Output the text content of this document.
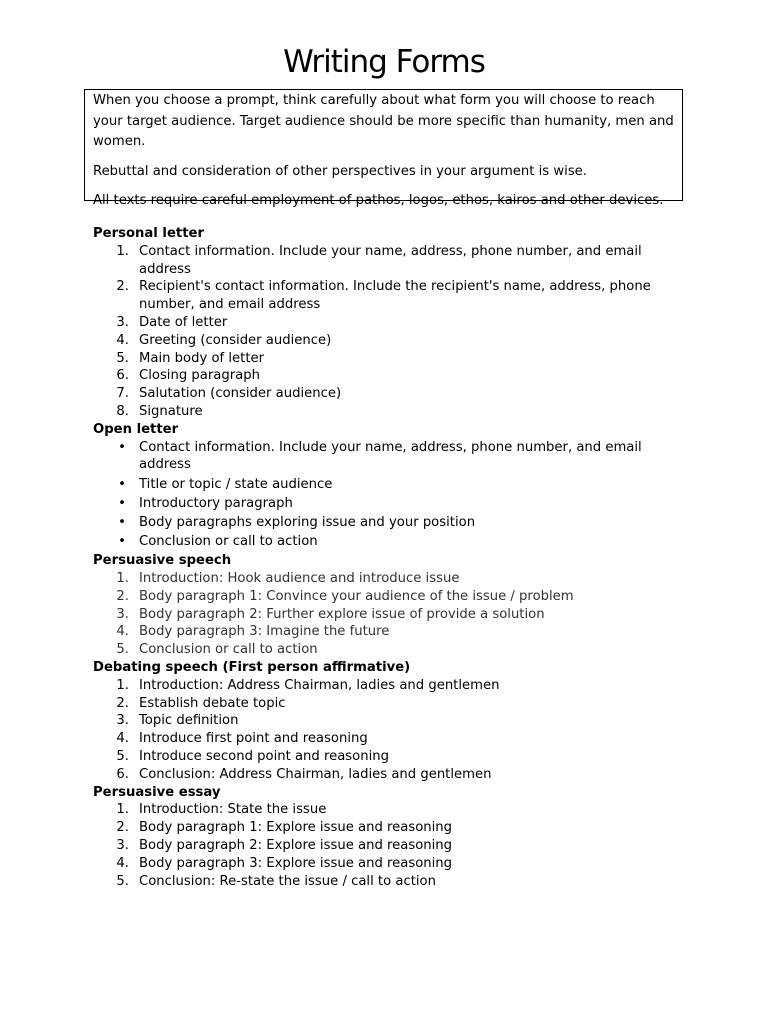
Writing Forms

When you choose a prompt, think carefully about what form you will choose to reach your target audience. Target audience should be more specific than humanity, men and women.

Rebuttal and consideration of other perspectives in your argument is wise.

All texts require careful employment of pathos, logos, ethos, kairos and other devices.

Personal letter
1. Contact information. Include your name, address, phone number, and email address
2. Recipient's contact information. Include the recipient's name, address, phone number, and email address
3. Date of letter
4. Greeting (consider audience)
5. Main body of letter
6. Closing paragraph
7. Salutation (consider audience)
8. Signature
Open letter
• Contact information. Include your name, address, phone number, and email address
• Title or topic / state audience
• Introductory paragraph
• Body paragraphs exploring issue and your position
• Conclusion or call to action
Persuasive speech
1. Introduction: Hook audience and introduce issue
2. Body paragraph 1: Convince your audience of the issue / problem
3. Body paragraph 2: Further explore issue of provide a solution
4. Body paragraph 3: Imagine the future
5. Conclusion or call to action
Debating speech (First person affirmative)
1. Introduction: Address Chairman, ladies and gentlemen
2. Establish debate topic
3. Topic definition
4. Introduce first point and reasoning
5. Introduce second point and reasoning
6. Conclusion: Address Chairman, ladies and gentlemen
Persuasive essay
1. Introduction: State the issue
2. Body paragraph 1: Explore issue and reasoning
3. Body paragraph 2: Explore issue and reasoning
4. Body paragraph 3: Explore issue and reasoning
5. Conclusion: Re-state the issue / call to action
